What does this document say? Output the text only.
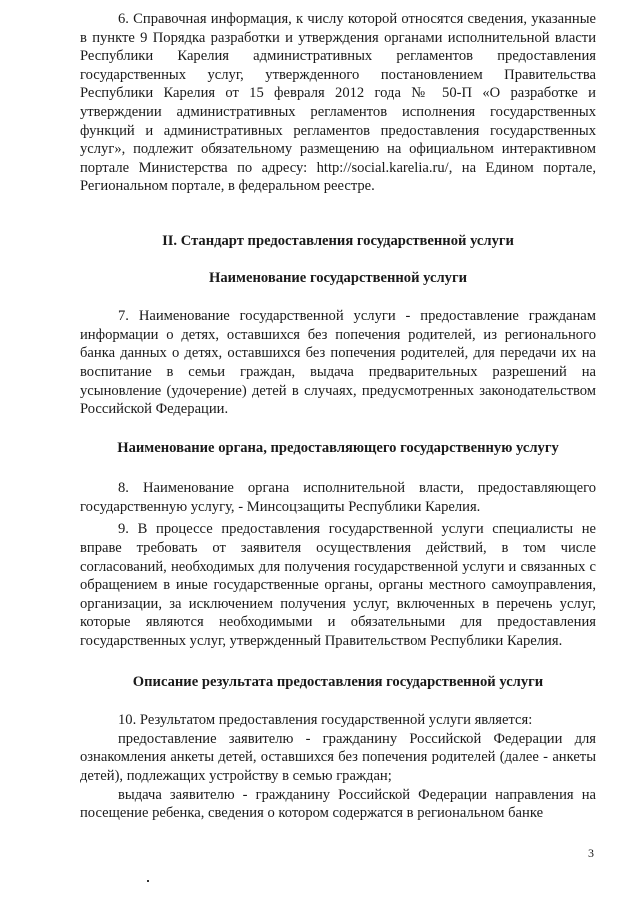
6. Справочная информация, к числу которой относятся сведения, указанные в пункте 9 Порядка разработки и утверждения органами исполнительной власти Республики Карелия административных регламентов предоставления государственных услуг, утвержденного постановлением Правительства Республики Карелия от 15 февраля 2012 года № 50-П «О разработке и утверждении административных регламентов исполнения государственных функций и административных регламентов предоставления государственных услуг», подлежит обязательному размещению на официальном интерактивном портале Министерства по адресу: http://social.karelia.ru/, на Едином портале, Региональном портале, в федеральном реестре.

II. Стандарт предоставления государственной услуги
Наименование государственной услуги

7. Наименование государственной услуги - предоставление гражданам информации о детях, оставшихся без попечения родителей, из регионального банка данных о детях, оставшихся без попечения родителей, для передачи их на воспитание в семьи граждан, выдача предварительных разрешений на усыновление (удочерение) детей в случаях, предусмотренных законодательством Российской Федерации.

Наименование органа, предоставляющего государственную услугу

8. Наименование органа исполнительной власти, предоставляющего государственную услугу, - Минсоцзащиты Республики Карелия.

9. В процессе предоставления государственной услуги специалисты не вправе требовать от заявителя осуществления действий, в том числе согласований, необходимых для получения государственной услуги и связанных с обращением в иные государственные органы, органы местного самоуправления, организации, за исключением получения услуг, включенных в перечень услуг, которые являются необходимыми и обязательными для предоставления государственных услуг, утвержденный Правительством Республики Карелия.

Описание результата предоставления государственной услуги

10. Результатом предоставления государственной услуги является:

предоставление заявителю - гражданину Российской Федерации для ознакомления анкеты детей, оставшихся без попечения родителей (далее - анкеты детей), подлежащих устройству в семью граждан;

выдача заявителю - гражданину Российской Федерации направления на посещение ребенка, сведения о котором содержатся в региональном банке

3
